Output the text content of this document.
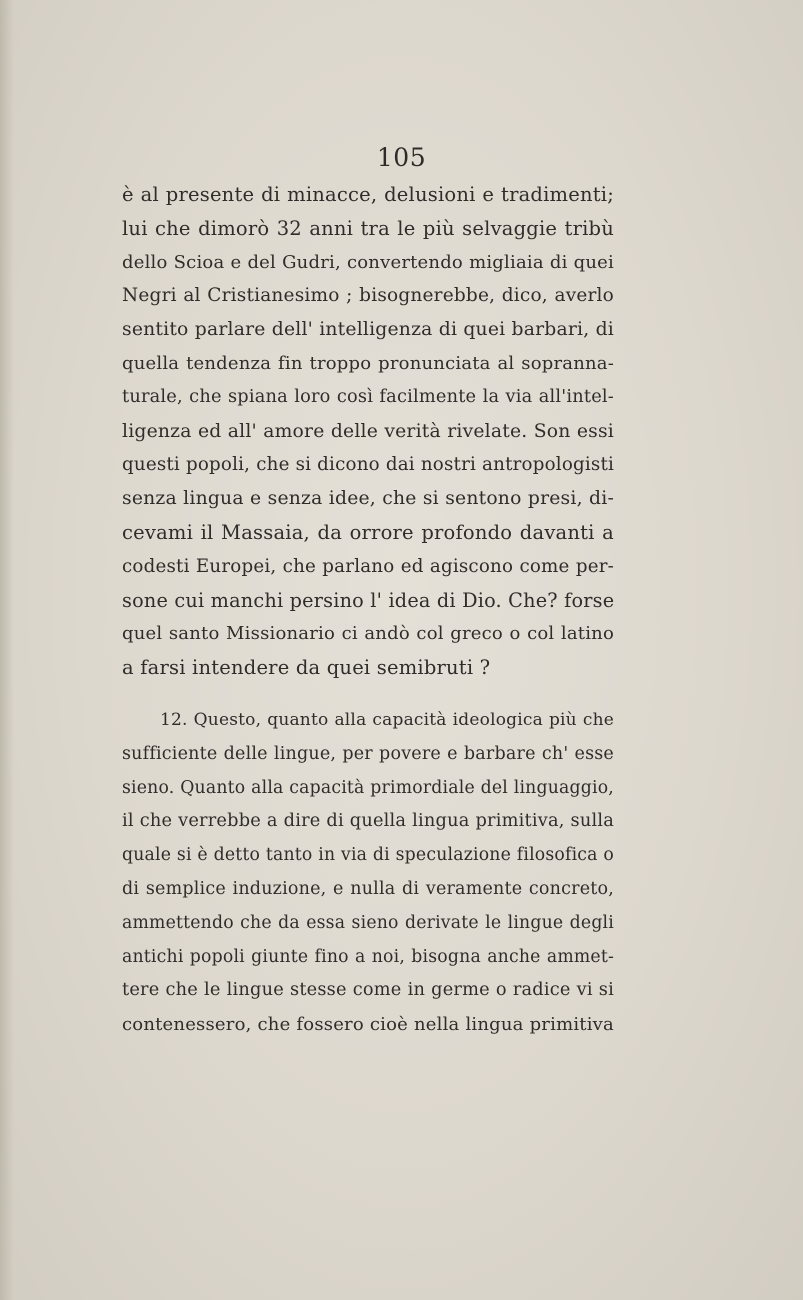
105
è al presente di minacce, delusioni e tradimenti;
lui che dimorò 32 anni tra le più selvaggie tribù
dello Scioa e del Gudri, convertendo migliaia di quei
Negri al Cristianesimo ; bisognerebbe, dico, averlo
sentito parlare dell' intelligenza di quei barbari, di
quella tendenza fin troppo pronunciata al sopranna-
turale, che spiana loro così facilmente la via all'intel-
ligenza ed all' amore delle verità rivelate. Son essi
questi popoli, che si dicono dai nostri antropologisti
senza lingua e senza idee, che si sentono presi, di-
cevami il Massaia, da orrore profondo davanti a
codesti Europei, che parlano ed agiscono come per-
sone cui manchi persino l' idea di Dio. Che? forse
quel santo Missionario ci andò col greco o col latino
a farsi intendere da quei semibruti ?
12. Questo, quanto alla capacità ideologica più che
sufficiente delle lingue, per povere e barbare ch' esse
sieno. Quanto alla capacità primordiale del linguaggio,
il che verrebbe a dire di quella lingua primitiva, sulla
quale si è detto tanto in via di speculazione filosofica o
di semplice induzione, e nulla di veramente concreto,
ammettendo che da essa sieno derivate le lingue degli
antichi popoli giunte fino a noi, bisogna anche ammet-
tere che le lingue stesse come in germe o radice vi si
contenessero, che fossero cioè nella lingua primitiva
